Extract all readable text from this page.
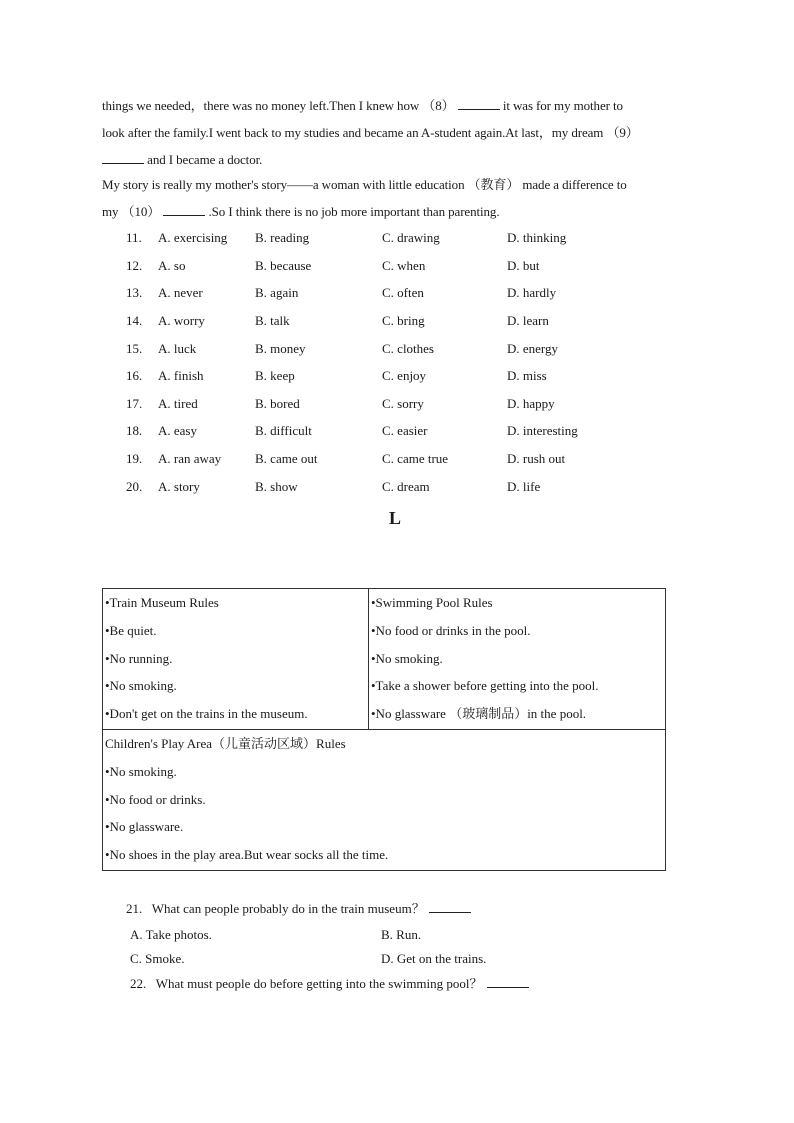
things we needed，there was no money left.Then I knew how （8）	it was for my mother to
look after the family.I went back to my studies and became an A-student again.At last，my dream （9）
and I became a doctor.
My story is really my mother's story——a woman with little education （教育） made a difference to
my （10）	.So I think there is no job more important than parenting.
11. A. exercising B. reading	C. drawing	D. thinking
12. A. so	B. because	C. when	D. but
13. A. never	B. again	C. often	D. hardly
14. A. worry	B. talk	C. bring	D. learn
15. A. luck	B. money	C. clothes	D. energy
16. A. finish	B. keep	C. enjoy	D. miss
17. A. tired	B. bored	C. sorry	D. happy
18. A. easy	B. difficult	C. easier	D. interesting
19. A. ran away	B. came out	C. came true	D. rush out
20. A. story	B. show	C. dream	D. life
L
•Train Museum Rules
•Be quiet.
•No running.
•No smoking.
•Don't get on the trains in the museum.

•Swimming Pool Rules
•No food or drinks in the pool.
•No smoking.
•Take a shower before getting into the pool.
•No glassware （玻璃制品）in the pool.

Children's Play Area（儿童活动区域）Rules
•No smoking.
•No food or drinks.
•No glassware.
•No shoes in the play area.But wear socks all the time.
21.   What can people probably do in the train museum？
A. Take photos.	B. Run.
C. Smoke.	D. Get on the trains.
22.   What must people do before getting into the swimming pool？
